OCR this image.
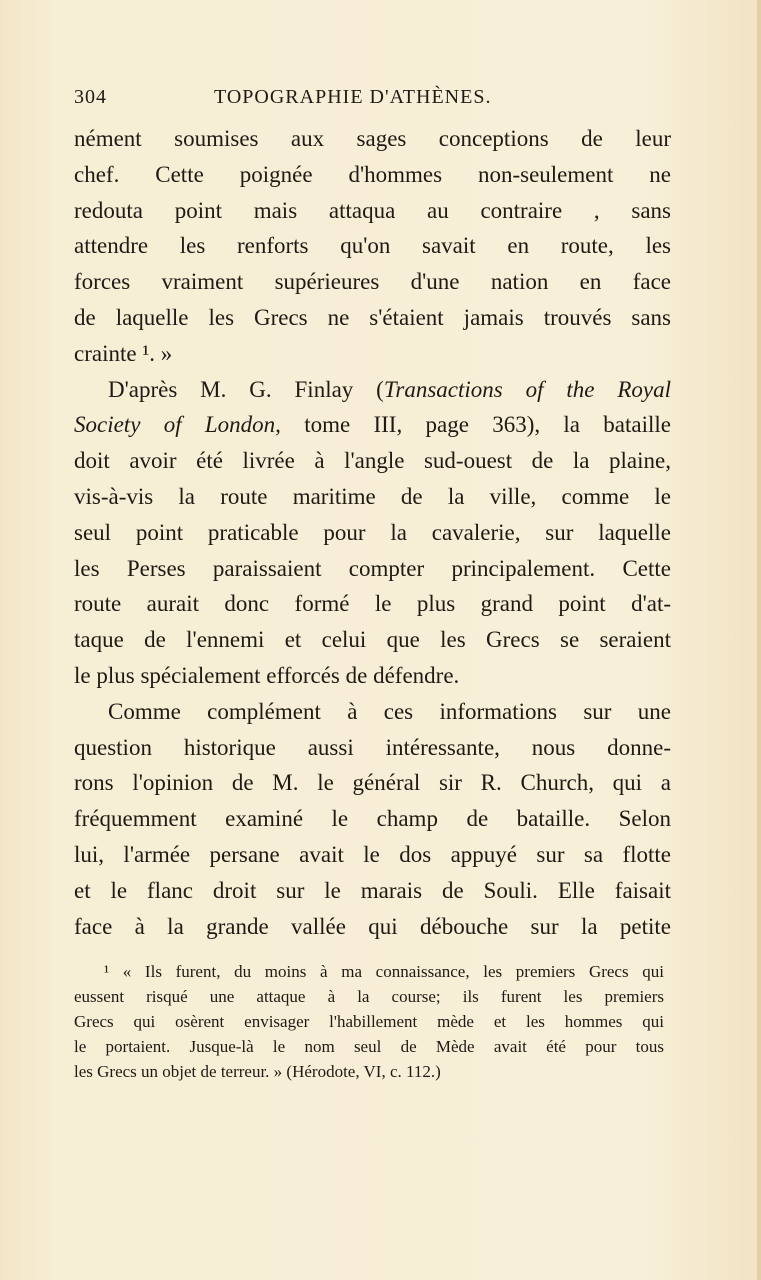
304	TOPOGRAPHIE D'ATHÈNES.
nément soumises aux sages conceptions de leur
chef. Cette poignée d'hommes non-seulement ne
redouta point mais attaqua au contraire , sans
attendre les renforts qu'on savait en route, les
forces vraiment supérieures d'une nation en face
de laquelle les Grecs ne s'étaient jamais trouvés sans
crainte ¹. »
D'après M. G. Finlay (Transactions of the Royal
Society of London, tome III, page 363), la bataille
doit avoir été livrée à l'angle sud-ouest de la plaine,
vis-à-vis la route maritime de la ville, comme le
seul point praticable pour la cavalerie, sur laquelle
les Perses paraissaient compter principalement. Cette
route aurait donc formé le plus grand point d'at-
taque de l'ennemi et celui que les Grecs se seraient
le plus spécialement efforcés de défendre.
Comme complément à ces informations sur une
question historique aussi intéressante, nous donne-
rons l'opinion de M. le général sir R. Church, qui a
fréquemment examiné le champ de bataille. Selon
lui, l'armée persane avait le dos appuyé sur sa flotte
et le flanc droit sur le marais de Souli. Elle faisait
face à la grande vallée qui débouche sur la petite
¹ « Ils furent, du moins à ma connaissance, les premiers Grecs qui
eussent risqué une attaque à la course; ils furent les premiers
Grecs qui osèrent envisager l'habillement mède et les hommes qui
le portaient. Jusque-là le nom seul de Mède avait été pour tous
les Grecs un objet de terreur. » (Hérodote, VI, c. 112.)
